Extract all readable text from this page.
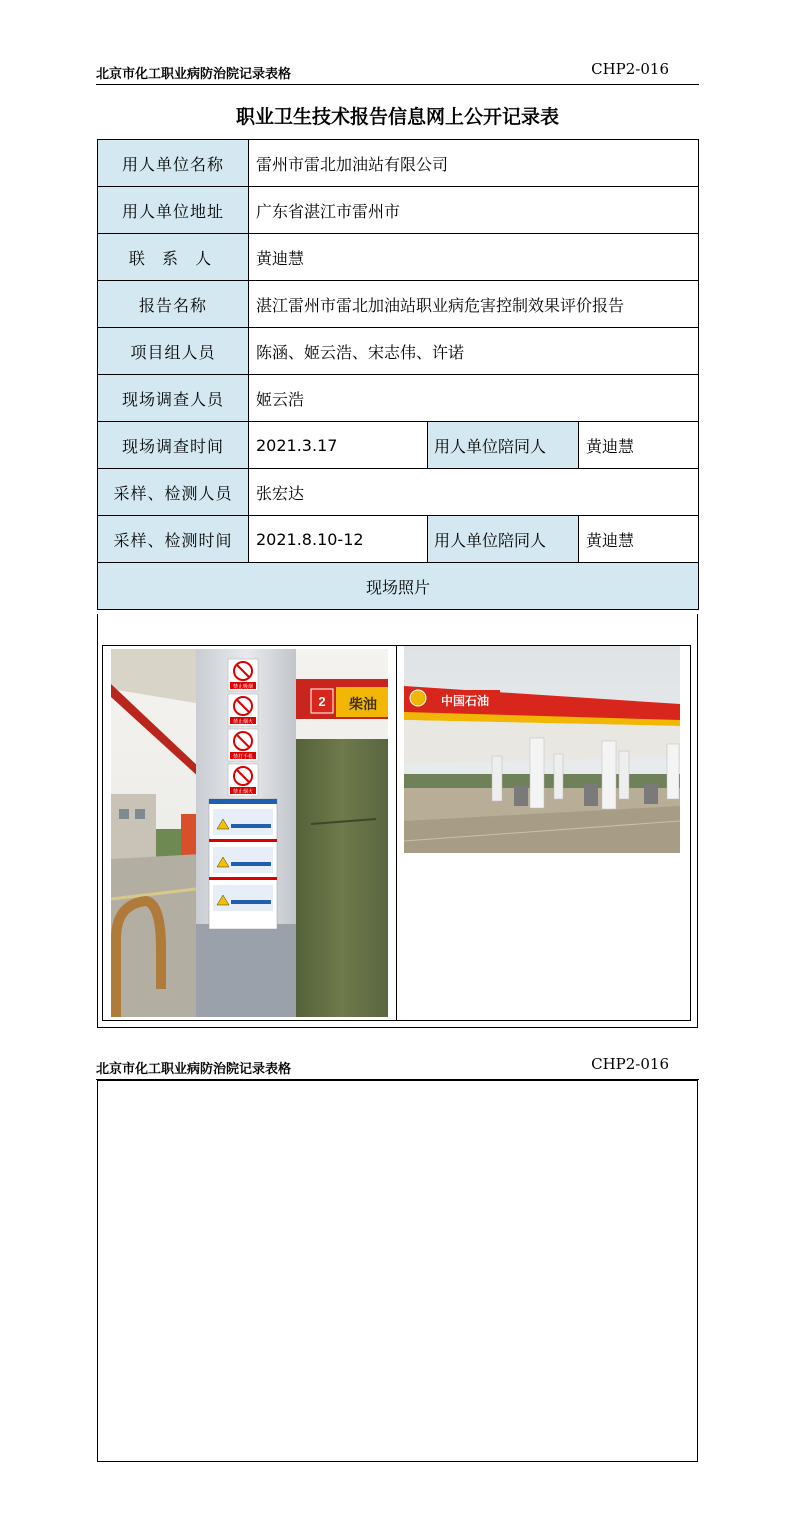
北京市化工职业病防治院记录表格	CHP2-016
职业卫生技术报告信息网上公开记录表
用人单位名称	雷州市雷北加油站有限公司		
用人单位地址	广东省湛江市雷州市		
联 系 人	黄迪慧		
报告名称	湛江雷州市雷北加油站职业病危害控制效果评价报告		
项目组人员	陈涵、姬云浩、宋志伟、许诺		
现场调查人员	姬云浩		
现场调查时间	2021.3.17	用人单位陪同人	黄迪慧
采样、检测人员	张宏达		
采样、检测时间	2021.8.10-12	用人单位陪同人	黄迪慧
现场照片			
2 柴油
禁止吸烟
禁止烟火
禁打手机
禁止烟火
中国石油
北京市化工职业病防治院记录表格	CHP2-016
